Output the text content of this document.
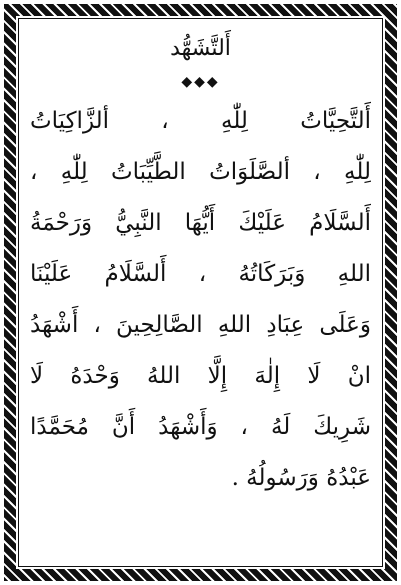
أَلتَّشَهُّد
◆◆◆
أَلتَّحِيَّاتُ لِلّٰهِ ، ألزَّاكِيَاتُ
لِلّٰهِ ، ألصَّلَوَاتُ الطَّيِّبَاتُ لِلّٰهِ ،
أَلسَّلَامُ عَلَيْكَ أَيُّهَا النَّبِيُّ وَرَحْمَةُ
اللهِ وَبَرَكَاتُهُ ، أَلسَّلَامُ عَلَيْنَا
وَعَلَى عِبَادِ اللهِ الصَّالِحِينَ ، أَشْهَدُ
انْ لَا إِلٰهَ إِلَّا اللهُ وَحْدَهُ لَا
شَرِيكَ لَهُ ، وَأَشْهَدُ أَنَّ مُحَمَّدًا
عَبْدُهُ وَرَسُولُهُ .
